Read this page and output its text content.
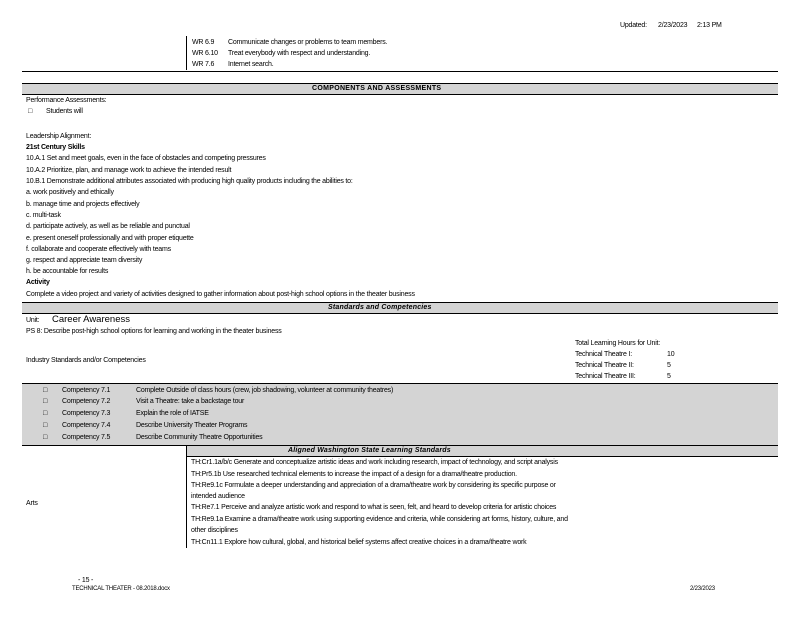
Updated: 2/23/2023 2:13 PM
WR 6.9 Communicate changes or problems to team members.
WR 6.10 Treat everybody with respect and understanding.
WR 7.6 Internet search.
COMPONENTS AND ASSESSMENTS
Performance Assessments:
□ Students will
Leadership Alignment:
21st Century Skills
10.A.1 Set and meet goals, even in the face of obstacles and competing pressures
10.A.2 Prioritize, plan, and manage work to achieve the intended result
10.B.1 Demonstrate additional attributes associated with producing high quality products including the abilities to:
a. work positively and ethically
b. manage time and projects effectively
c. multi-task
d. participate actively, as well as be reliable and punctual
e. present oneself professionally and with proper etiquette
f. collaborate and cooperate effectively with teams
g. respect and appreciate team diversity
h. be accountable for results
Activity
Complete a video project and variety of activities designed to gather information about post-high school options in the theater business
Standards and Competencies
Unit: Career Awareness
PS 8: Describe post-high school options for learning and working in the theater business
Total Learning Hours for Unit:
Technical Theatre I:	10
Technical Theatre II:	5
Technical Theatre III:	5
Industry Standards and/or Competencies
□ Competency 7.1	Complete Outside of class hours (crew, job shadowing, volunteer at community theatres)
□ Competency 7.2	Visit a Theatre: take a backstage tour
□ Competency 7.3	Explain the role of IATSE
□ Competency 7.4	Describe University Theater Programs
□ Competency 7.5	Describe Community Theatre Opportunities
Aligned Washington State Learning Standards
Arts
TH:Cr1.1a/b/c Generate and conceptualize artistic ideas and work including research, impact of technology, and script analysis
TH:Pr5.1b Use researched technical elements to increase the impact of a design for a drama/theatre production.
TH:Re9.1c Formulate a deeper understanding and appreciation of a drama/theatre work by considering its specific purpose or
intended audience
TH:Re7.1 Perceive and analyze artistic work and respond to what is seen, felt, and heard to develop criteria for artistic choices
TH:Re9.1a Examine a drama/theatre work using supporting evidence and criteria, while considering art forms, history, culture, and
other disciplines
TH:Cn11.1 Explore how cultural, global, and historical belief systems affect creative choices in a drama/theatre work
- 15 -
TECHNICAL THEATER - 08.2018.docx	2/23/2023
